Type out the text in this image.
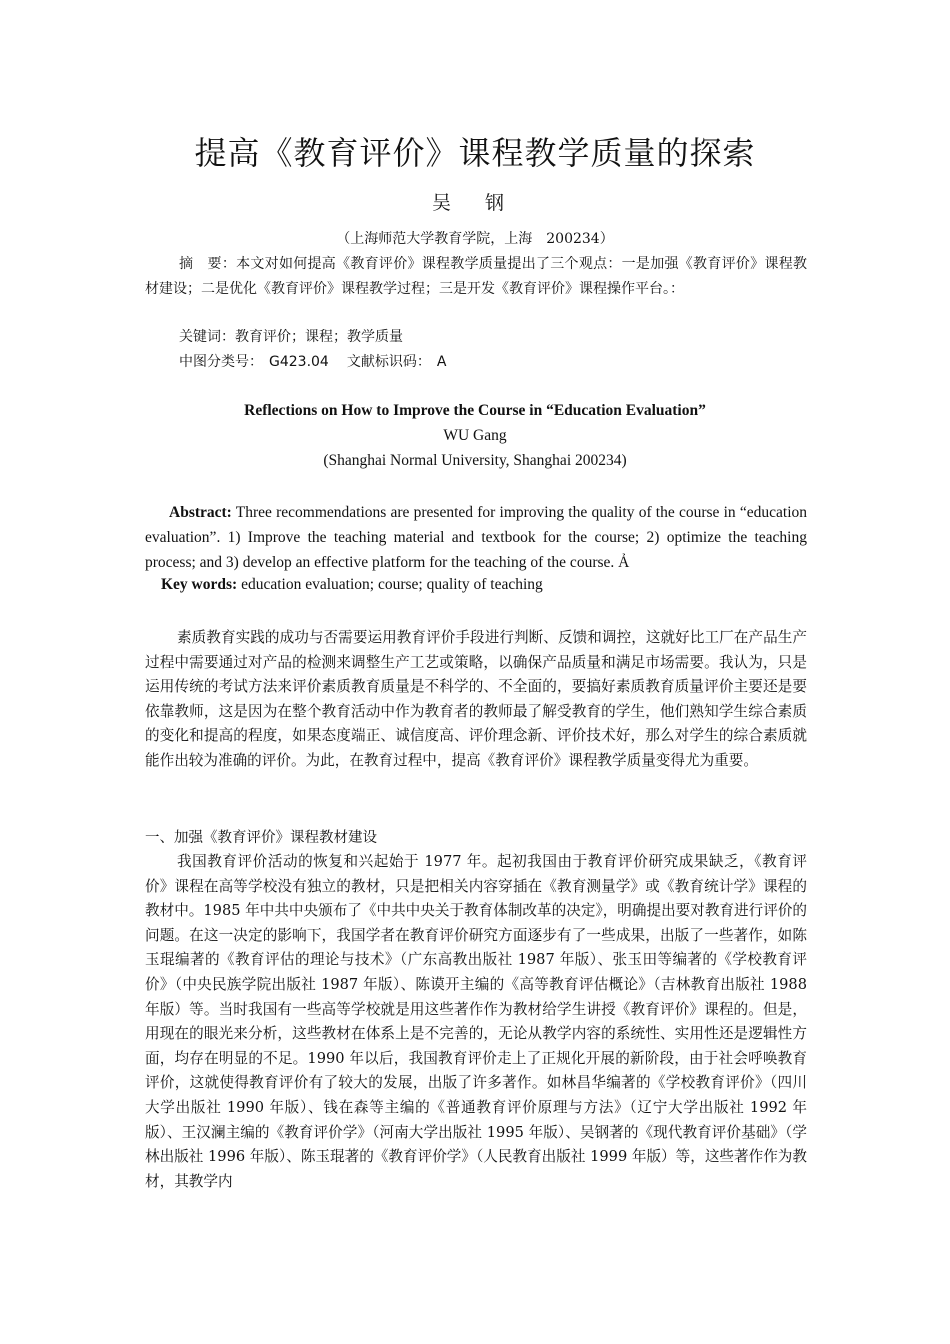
提高《教育评价》课程教学质量的探索
吴 钢
（上海师范大学教育学院，上海　200234）
摘　要：本文对如何提高《教育评价》课程教学质量提出了三个观点：一是加强《教育评价》课程教材建设；二是优化《教育评价》课程教学过程；三是开发《教育评价》课程操作平台。：
关键词：教育评价；课程；教学质量
中图分类号： G423.04 文献标识码： A
Reflections on How to Improve the Course in “Education Evaluation”
WU Gang
(Shanghai Normal University, Shanghai 200234)
Abstract: Three recommendations are presented for improving the quality of the course in “education evaluation”. 1) Improve the teaching material and textbook for the course; 2) optimize the teaching process; and 3) develop an effective platform for the teaching of the course. Ả
Key words: education evaluation; course; quality of teaching
素质教育实践的成功与否需要运用教育评价手段进行判断、反馈和调控，这就好比工厂在产品生产过程中需要通过对产品的检测来调整生产工艺或策略，以确保产品质量和满足市场需要。我认为，只是运用传统的考试方法来评价素质教育质量是不科学的、不全面的，要搞好素质教育质量评价主要还是要依靠教师，这是因为在整个教育活动中作为教育者的教师最了解受教育的学生，他们熟知学生综合素质的变化和提高的程度，如果态度端正、诚信度高、评价理念新、评价技术好，那么对学生的综合素质就能作出较为准确的评价。为此，在教育过程中，提高《教育评价》课程教学质量变得尤为重要。
一、加强《教育评价》课程教材建设
我国教育评价活动的恢复和兴起始于 1977 年。起初我国由于教育评价研究成果缺乏，《教育评价》课程在高等学校没有独立的教材，只是把相关内容穿插在《教育测量学》或《教育统计学》课程的教材中。1985 年中共中央颁布了《中共中央关于教育体制改革的决定》，明确提出要对教育进行评价的问题。在这一决定的影响下，我国学者在教育评价研究方面逐步有了一些成果，出版了一些著作，如陈玉琨编著的《教育评估的理论与技术》（广东高教出版社 1987 年版）、张玉田等编著的《学校教育评价》（中央民族学院出版社 1987 年版）、陈谟开主编的《高等教育评估概论》（吉林教育出版社 1988 年版）等。当时我国有一些高等学校就是用这些著作作为教材给学生讲授《教育评价》课程的。但是，用现在的眼光来分析，这些教材在体系上是不完善的，无论从教学内容的系统性、实用性还是逻辑性方面，均存在明显的不足。1990 年以后，我国教育评价走上了正规化开展的新阶段，由于社会呼唤教育评价，这就使得教育评价有了较大的发展，出版了许多著作。如林昌华编著的《学校教育评价》（四川大学出版社 1990 年版）、钱在森等主编的《普通教育评价原理与方法》（辽宁大学出版社 1992 年版）、王汉澜主编的《教育评价学》（河南大学出版社 1995 年版）、吴钢著的《现代教育评价基础》（学林出版社 1996 年版）、陈玉琨著的《教育评价学》（人民教育出版社 1999 年版）等，这些著作作为教材，其教学内
